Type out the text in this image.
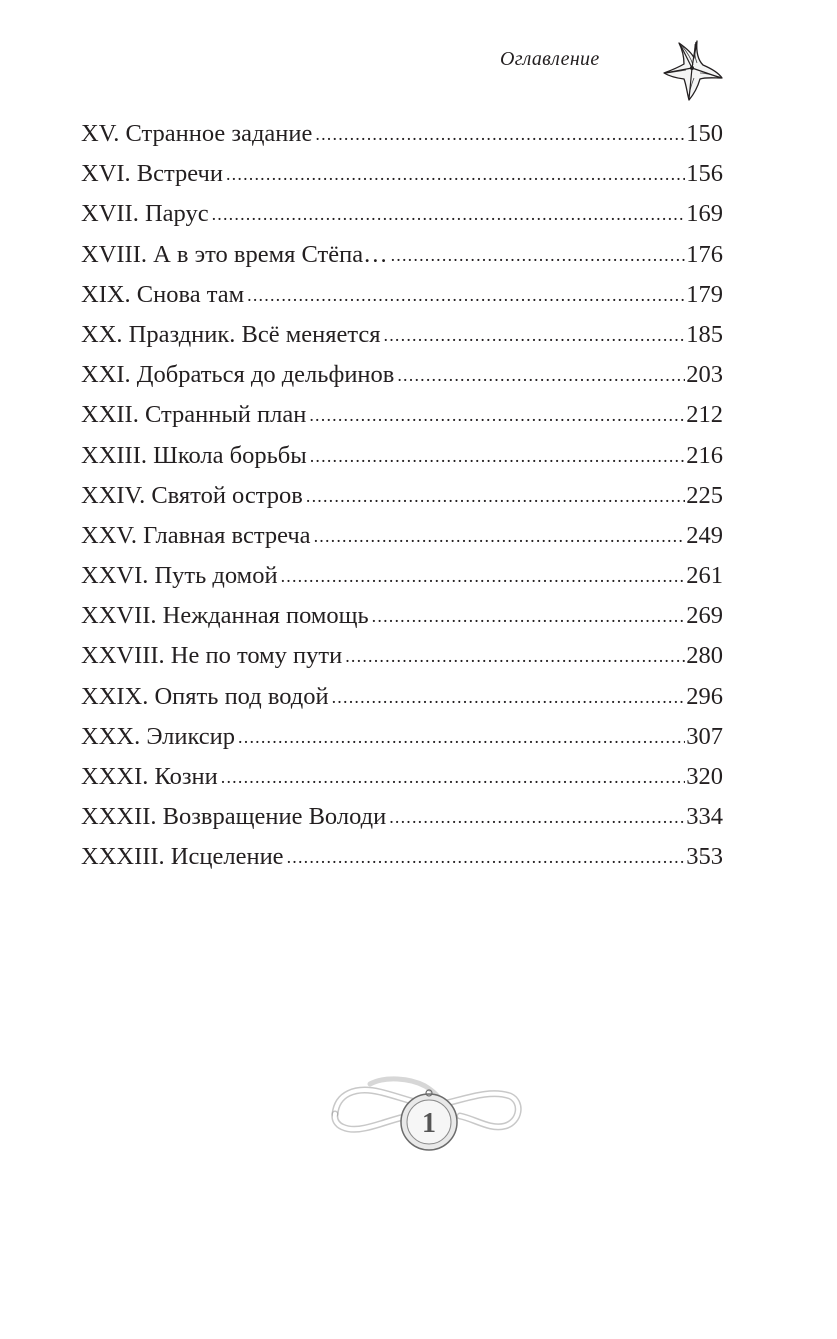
Оглавление
XV. Странное задание .....	150
XVI. Встречи .....	156
XVII. Парус .....	169
XVIII. А в это время Стёпа… .....	176
XIX. Снова там .....	179
XX. Праздник. Всё меняется .....	185
XXI. Добраться до дельфинов .....	203
XXII. Странный план .....	212
XXIII. Школа борьбы .....	216
XXIV. Святой остров .....	225
XXV. Главная встреча .....	249
XXVI. Путь домой .....	261
XXVII. Нежданная помощь .....	269
XXVIII. Не по тому пути .....	280
XXIX. Опять под водой .....	296
XXX. Эликсир .....	307
XXXI. Козни .....	320
XXXII. Возвращение Володи .....	334
XXXIII. Исцеление .....	353
1
